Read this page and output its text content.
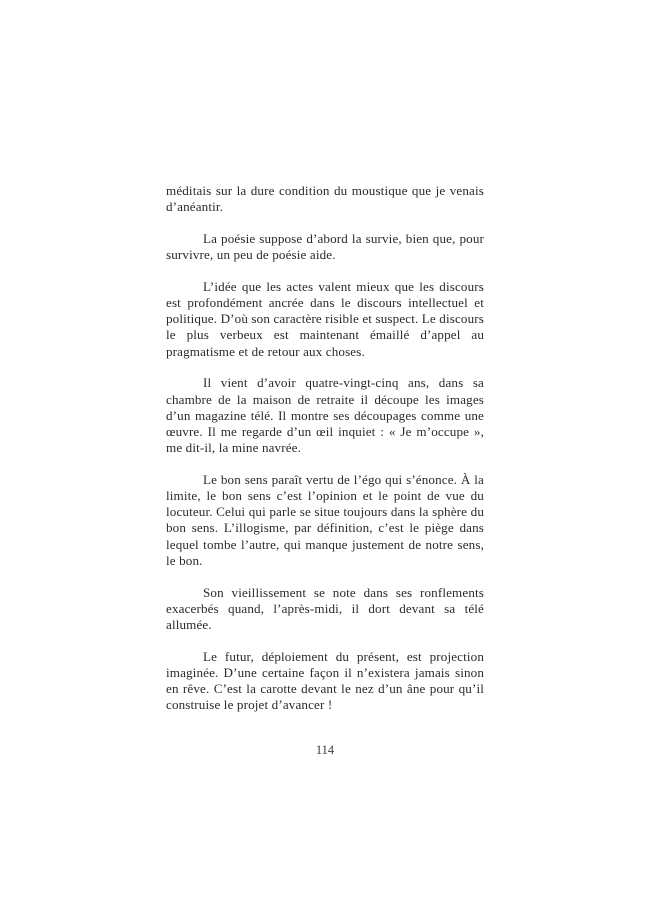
méditais sur la dure condition du moustique que je venais d’anéantir.

La poésie suppose d’abord la survie, bien que, pour survivre, un peu de poésie aide.

L’idée que les actes valent mieux que les discours est profondément ancrée dans le discours intellectuel et politique. D’où son caractère risible et suspect. Le discours le plus verbeux est maintenant émaillé d’appel au pragmatisme et de retour aux choses.

Il vient d’avoir quatre-vingt-cinq ans, dans sa chambre de la maison de retraite il découpe les images d’un magazine télé. Il montre ses découpages comme une œuvre. Il me regarde d’un œil inquiet : « Je m’occupe », me dit-il, la mine navrée.

Le bon sens paraît vertu de l’égo qui s’énonce. À la limite, le bon sens c’est l’opinion et le point de vue du locuteur. Celui qui parle se situe toujours dans la sphère du bon sens. L’illogisme, par définition, c’est le piège dans lequel tombe l’autre, qui manque justement de notre sens, le bon.

Son vieillissement se note dans ses ronflements exacerbés quand, l’après-midi, il dort devant sa télé allumée.

Le futur, déploiement du présent, est projection imaginée. D’une certaine façon il n’existera jamais sinon en rêve. C’est la carotte devant le nez d’un âne pour qu’il construise le projet d’avancer !

114
